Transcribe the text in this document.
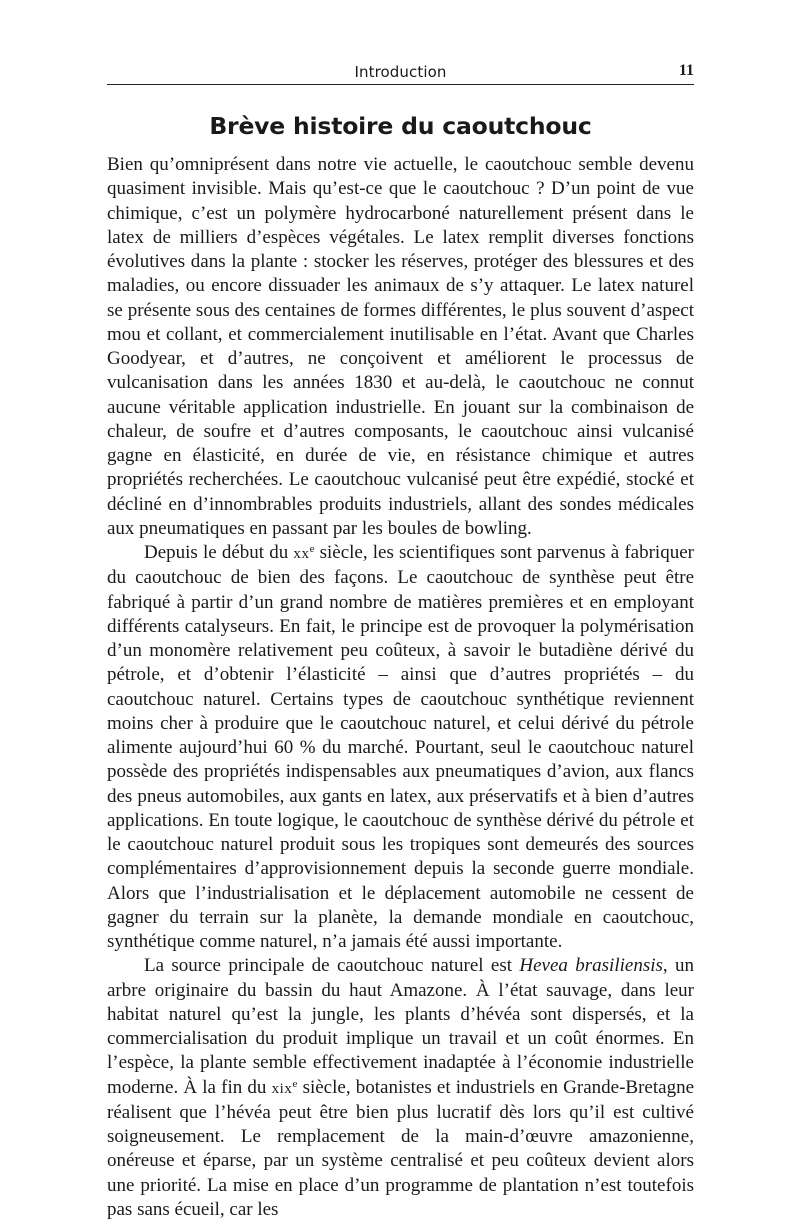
Introduction	11
Brève histoire du caoutchouc

Bien qu’omniprésent dans notre vie actuelle, le caoutchouc semble devenu quasiment invisible. Mais qu’est-ce que le caoutchouc ? D’un point de vue chimique, c’est un polymère hydrocarboné naturellement présent dans le latex de milliers d’espèces végétales. Le latex remplit diverses fonctions évolutives dans la plante : stocker les réserves, protéger des blessures et des maladies, ou encore dissuader les animaux de s’y attaquer. Le latex naturel se présente sous des centaines de formes différentes, le plus souvent d’aspect mou et collant, et commercialement inutilisable en l’état. Avant que Charles Goodyear, et d’autres, ne conçoivent et améliorent le processus de vulcanisation dans les années 1830 et au-delà, le caoutchouc ne connut aucune véritable application industrielle. En jouant sur la combinaison de chaleur, de soufre et d’autres composants, le caoutchouc ainsi vulcanisé gagne en élasticité, en durée de vie, en résistance chimique et autres propriétés recherchées. Le caoutchouc vulcanisé peut être expédié, stocké et décliné en d’innombrables produits industriels, allant des sondes médicales aux pneumatiques en passant par les boules de bowling.

Depuis le début du $xx^e$ siècle, les scientifiques sont parvenus à fabriquer du caoutchouc de bien des façons. Le caoutchouc de synthèse peut être fabriqué à partir d’un grand nombre de matières premières et en employant différents catalyseurs. En fait, le principe est de provoquer la polymérisation d’un monomère relativement peu coûteux, à savoir le butadiène dérivé du pétrole, et d’obtenir l’élasticité – ainsi que d’autres propriétés – du caoutchouc naturel. Certains types de caoutchouc synthétique reviennent moins cher à produire que le caoutchouc naturel, et celui dérivé du pétrole alimente aujourd’hui 60 % du marché. Pourtant, seul le caoutchouc naturel possède des propriétés indispensables aux pneumatiques d’avion, aux flancs des pneus automobiles, aux gants en latex, aux préservatifs et à bien d’autres applications. En toute logique, le caoutchouc de synthèse dérivé du pétrole et le caoutchouc naturel produit sous les tropiques sont demeurés des sources complémentaires d’approvisionnement depuis la seconde guerre mondiale. Alors que l’industrialisation et le déplacement automobile ne cessent de gagner du terrain sur la planète, la demande mondiale en caoutchouc, synthétique comme naturel, n’a jamais été aussi importante.

La source principale de caoutchouc naturel est Hevea brasiliensis, un arbre originaire du bassin du haut Amazone. À l’état sauvage, dans leur habitat naturel qu’est la jungle, les plants d’hévéa sont dispersés, et la commercialisation du produit implique un travail et un coût énormes. En l’espèce, la plante semble effectivement inadaptée à l’économie industrielle moderne. À la fin du xix$^e$ siècle, botanistes et industriels en Grande-Bretagne réalisent que l’hévéa peut être bien plus lucratif dès lors qu’il est cultivé soigneusement. Le remplacement de la main-d’œuvre amazonienne, onéreuse et éparse, par un système centralisé et peu coûteux devient alors une priorité. La mise en place d’un programme de plantation n’est toutefois pas sans écueil, car les
